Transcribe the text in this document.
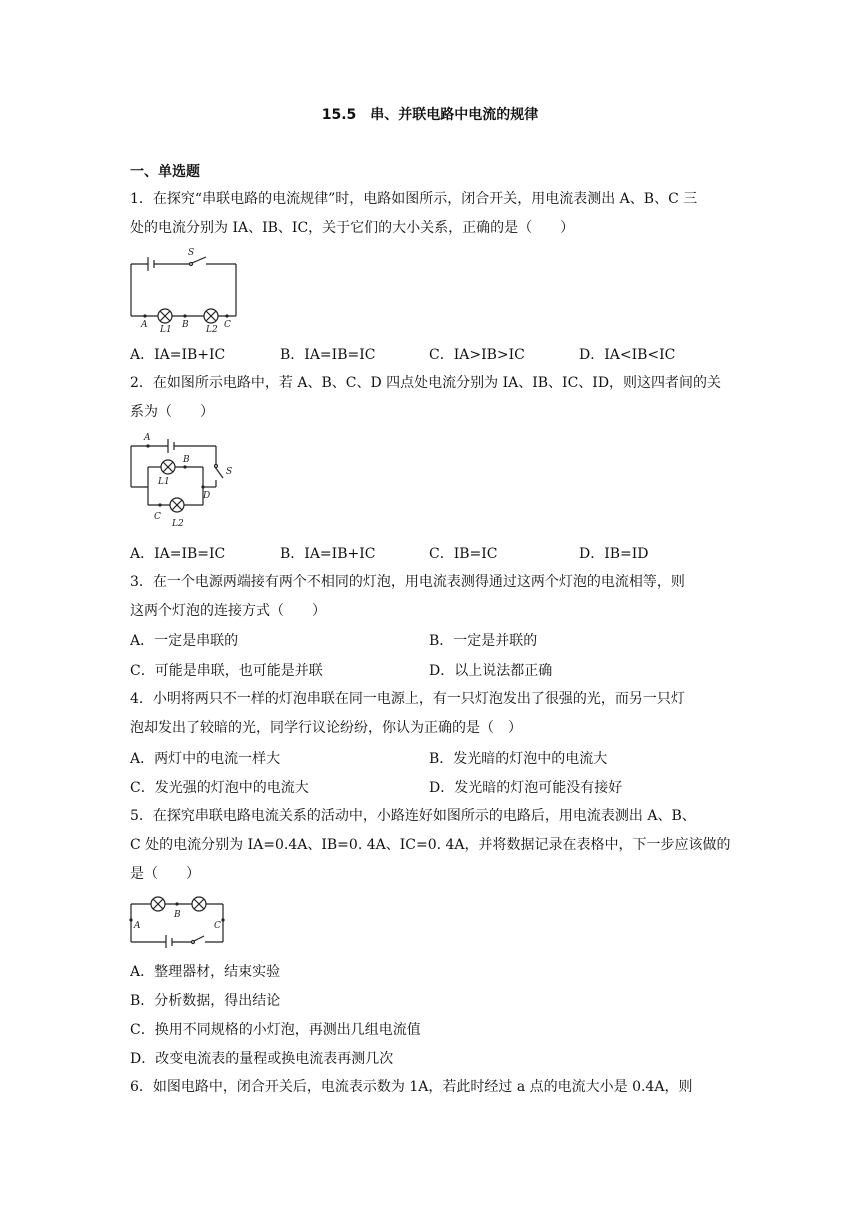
15.5　串、并联电路中电流的规律
一、单选题
1．在探究“串联电路的电流规律”时，电路如图所示，闭合开关，用电流表测出 A、B、C 三
处的电流分别为 IA、IB、IC，关于它们的大小关系，正确的是（　　）
S
A	B	C
L1	L2
A．IA=IB+IC	B．IA=IB=IC	C．IA>IB>IC	D．IA<IB<IC
2．在如图所示电路中，若 A、B、C、D 四点处电流分别为 IA、IB、IC、ID，则这四者间的关
系为（　　）
A
B
S
D
C
L1
L2
A．IA=IB=IC	B．IA=IB+IC	C．IB=IC	D．IB=ID
3．在一个电源两端接有两个不相同的灯泡，用电流表测得通过这两个灯泡的电流相等，则
这两个灯泡的连接方式（　　）
A．一定是串联的	B．一定是并联的
C．可能是串联，也可能是并联	D．以上说法都正确
4．小明将两只不一样的灯泡串联在同一电源上，有一只灯泡发出了很强的光，而另一只灯
泡却发出了较暗的光，同学行议论纷纷，你认为正确的是（　）
A．两灯中的电流一样大	B．发光暗的灯泡中的电流大
C．发光强的灯泡中的电流大	D．发光暗的灯泡可能没有接好
5．在探究串联电路电流关系的活动中，小路连好如图所示的电路后，用电流表测出 A、B、
C 处的电流分别为 IA=0.4A、IB=0. 4A、IC=0. 4A，并将数据记录在表格中，下一步应该做的
是（　　）
A
B
C
A．整理器材，结束实验
B．分析数据，得出结论
C．换用不同规格的小灯泡，再测出几组电流值
D．改变电流表的量程或换电流表再测几次
6．如图电路中，闭合开关后，电流表示数为 1A，若此时经过 a 点的电流大小是 0.4A，则
